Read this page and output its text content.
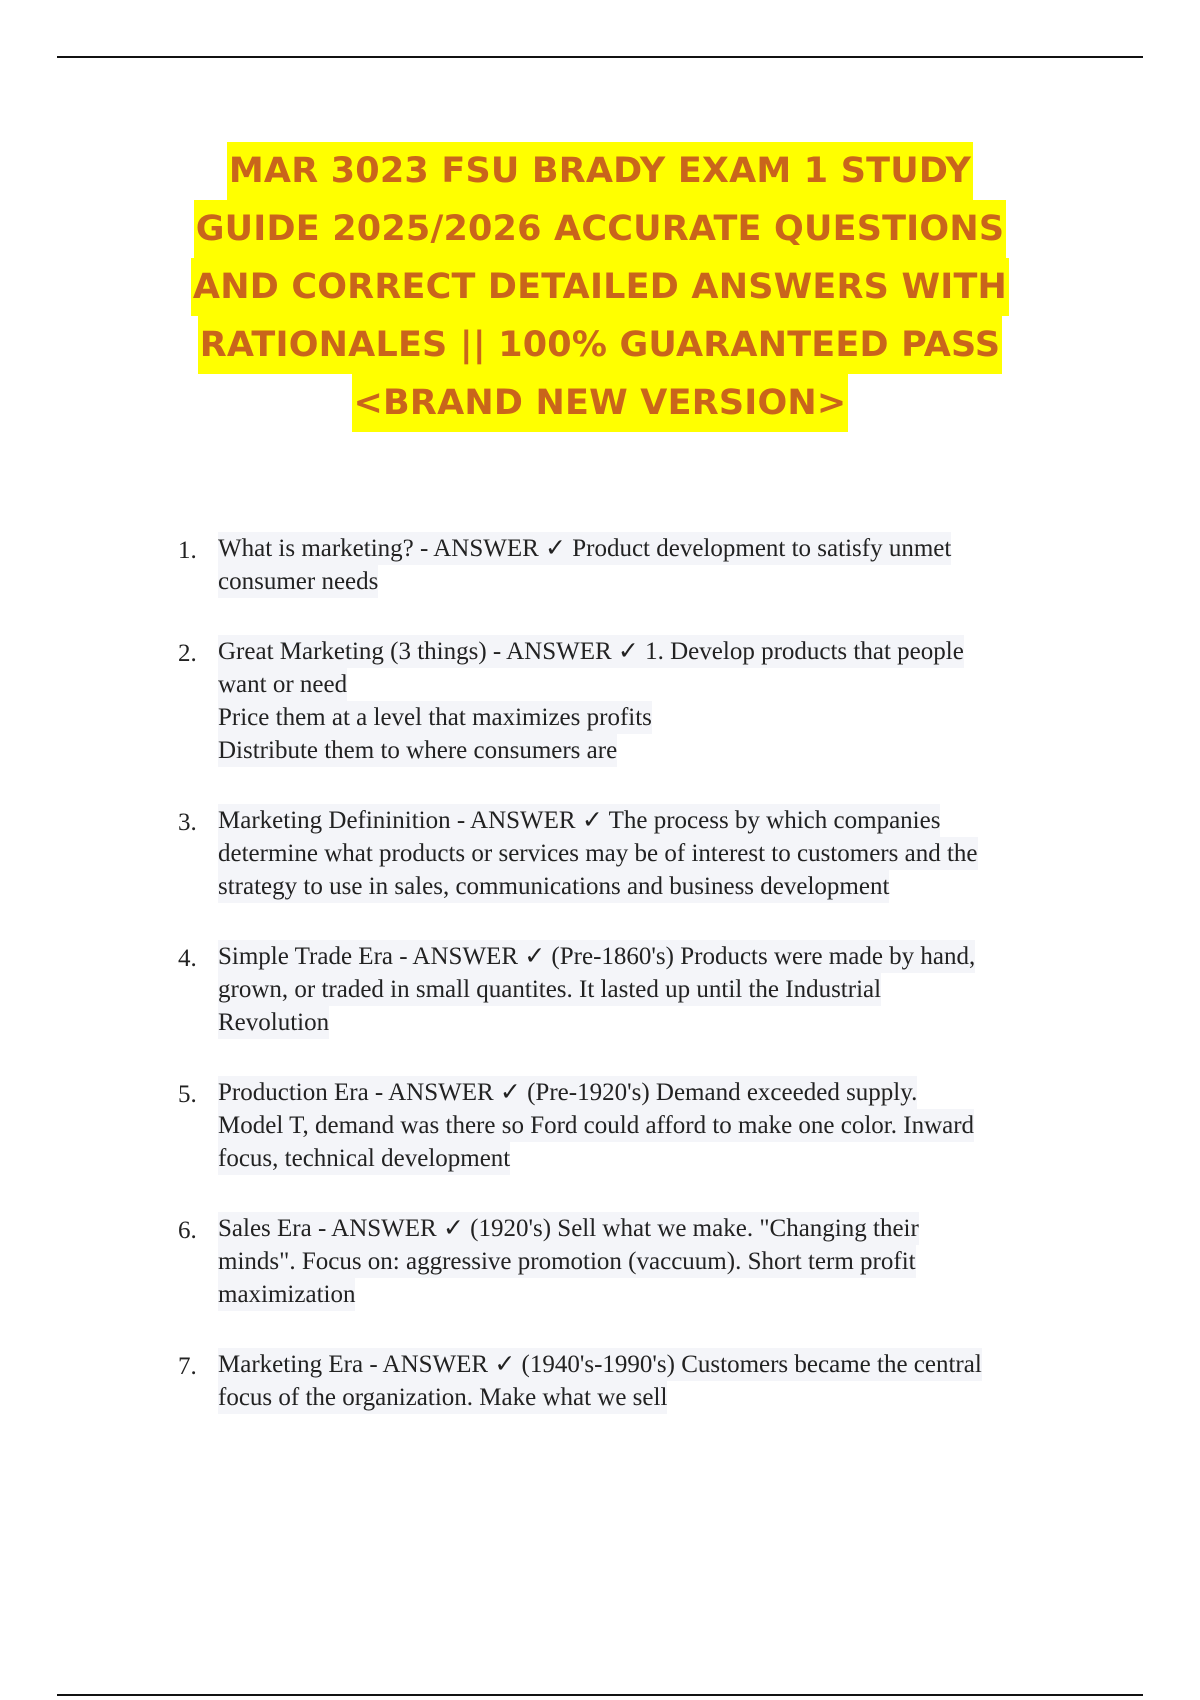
MAR 3023 FSU BRADY EXAM 1 STUDY
GUIDE 2025/2026 ACCURATE QUESTIONS
AND CORRECT DETAILED ANSWERS WITH
RATIONALES || 100% GUARANTEED PASS
<BRAND NEW VERSION>
1. What is marketing? - ANSWER ✓ Product development to satisfy unmet
consumer needs
2. Great Marketing (3 things) - ANSWER ✓ 1. Develop products that people
want or need
Price them at a level that maximizes profits
Distribute them to where consumers are
3. Marketing Defininition - ANSWER ✓ The process by which companies
determine what products or services may be of interest to customers and the
strategy to use in sales, communications and business development
4. Simple Trade Era - ANSWER ✓ (Pre-1860's) Products were made by hand,
grown, or traded in small quantites. It lasted up until the Industrial
Revolution
5. Production Era - ANSWER ✓ (Pre-1920's) Demand exceeded supply.
Model T, demand was there so Ford could afford to make one color. Inward
focus, technical development
6. Sales Era - ANSWER ✓ (1920's) Sell what we make. "Changing their
minds". Focus on: aggressive promotion (vaccuum). Short term profit
maximization
7. Marketing Era - ANSWER ✓ (1940's-1990's) Customers became the central
focus of the organization. Make what we sell
